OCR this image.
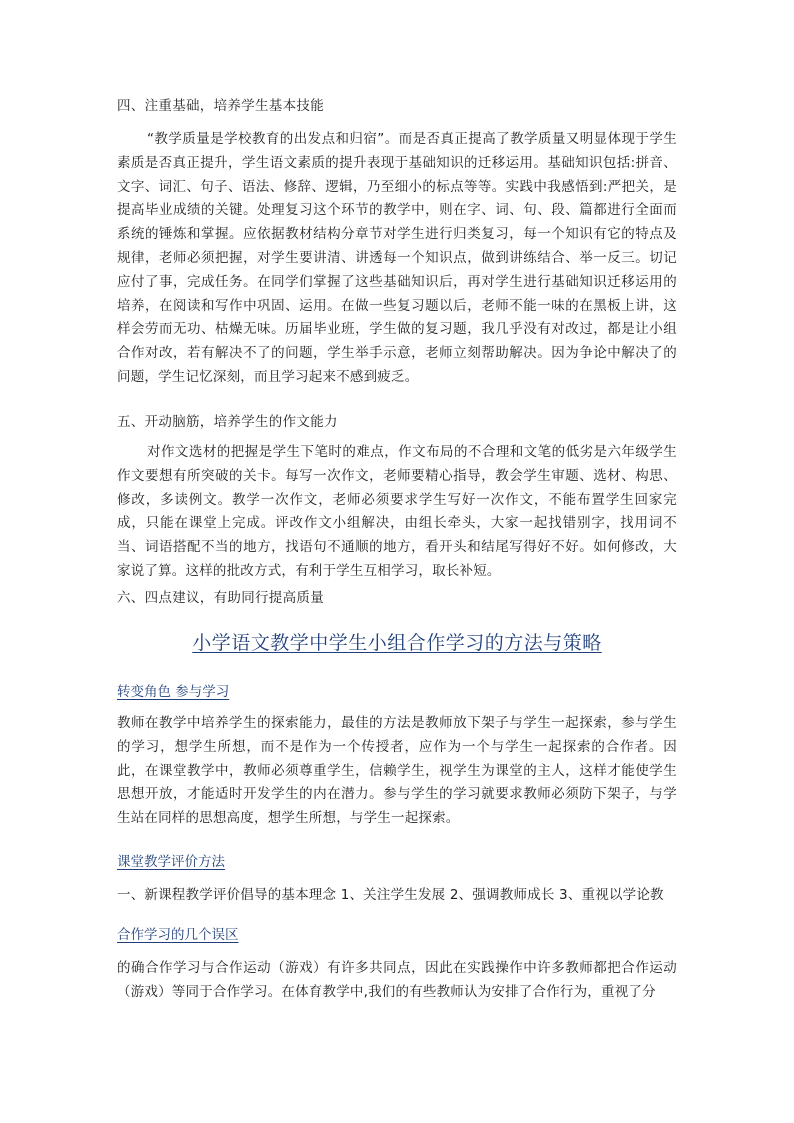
四、注重基础，培养学生基本技能
“教学质量是学校教育的出发点和归宿”。而是否真正提高了教学质量又明显体现于学生素质是否真正提升，学生语文素质的提升表现于基础知识的迁移运用。基础知识包括:拼音、文字、词汇、句子、语法、修辞、逻辑，乃至细小的标点等等。实践中我感悟到:严把关，是提高毕业成绩的关键。处理复习这个环节的教学中，则在字、词、句、段、篇都进行全面而系统的锤炼和掌握。应依据教材结构分章节对学生进行归类复习，每一个知识有它的特点及规律，老师必须把握，对学生要讲清、讲透每一个知识点，做到讲练结合、举一反三。切记应付了事，完成任务。在同学们掌握了这些基础知识后，再对学生进行基础知识迁移运用的培养，在阅读和写作中巩固、运用。在做一些复习题以后，老师不能一味的在黑板上讲，这样会劳而无功、枯燥无味。历届毕业班，学生做的复习题，我几乎没有对改过，都是让小组合作对改，若有解决不了的问题，学生举手示意，老师立刻帮助解决。因为争论中解决了的问题，学生记忆深刻，而且学习起来不感到疲乏。
五、开动脑筋，培养学生的作文能力
对作文选材的把握是学生下笔时的难点，作文布局的不合理和文笔的低劣是六年级学生作文要想有所突破的关卡。每写一次作文，老师要精心指导，教会学生审题、选材、构思、修改，多读例文。教学一次作文，老师必须要求学生写好一次作文，不能布置学生回家完成，只能在课堂上完成。评改作文小组解决，由组长牵头，大家一起找错别字，找用词不当、词语搭配不当的地方，找语句不通顺的地方，看开头和结尾写得好不好。如何修改，大家说了算。这样的批改方式，有利于学生互相学习，取长补短。
六、四点建议，有助同行提高质量
小学语文教学中学生小组合作学习的方法与策略
转变角色 参与学习
教师在教学中培养学生的探索能力，最佳的方法是教师放下架子与学生一起探索，参与学生的学习，想学生所想，而不是作为一个传授者，应作为一个与学生一起探索的合作者。因此，在课堂教学中，教师必须尊重学生，信赖学生，视学生为课堂的主人，这样才能使学生思想开放，才能适时开发学生的内在潜力。参与学生的学习就要求教师必须防下架子，与学生站在同样的思想高度，想学生所想，与学生一起探索。
课堂教学评价方法
一、新课程教学评价倡导的基本理念 1、关注学生发展 2、强调教师成长 3、重视以学论教
合作学习的几个误区
的确合作学习与合作运动（游戏）有许多共同点，因此在实践操作中许多教师都把合作运动（游戏）等同于合作学习。在体育教学中,我们的有些教师认为安排了合作行为，重视了分
